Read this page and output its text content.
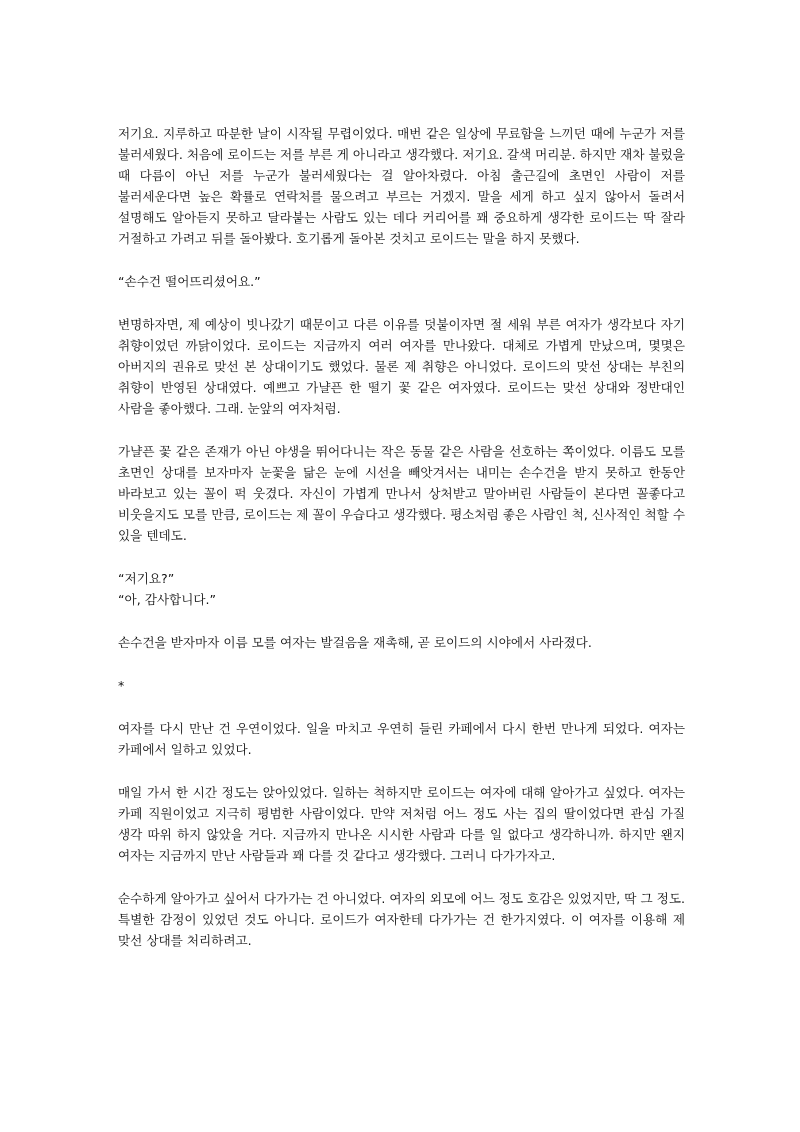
저기요. 지루하고 따분한 날이 시작될 무렵이었다. 매번 같은 일상에 무료함을 느끼던 때에 누군가 저를 불러세웠다. 처음에 로이드는 저를 부른 게 아니라고 생각했다. 저기요. 갈색 머리분. 하지만 재차 불렀을 때 다름이 아닌 저를 누군가 불러세웠다는 걸 알아차렸다. 아침 출근길에 초면인 사람이 저를 불러세운다면 높은 확률로 연락처를 물으려고 부르는 거겠지. 말을 세게 하고 싶지 않아서 돌려서 설명해도 알아듣지 못하고 달라붙는 사람도 있는 데다 커리어를 꽤 중요하게 생각한 로이드는 딱 잘라 거절하고 가려고 뒤를 돌아봤다. 호기롭게 돌아본 것치고 로이드는 말을 하지 못했다.

“손수건 떨어뜨리셨어요.”

변명하자면, 제 예상이 빗나갔기 때문이고 다른 이유를 덧붙이자면 절 세워 부른 여자가 생각보다 자기 취향이었던 까닭이었다. 로이드는 지금까지 여러 여자를 만나왔다. 대체로 가볍게 만났으며, 몇몇은 아버지의 권유로 맞선 본 상대이기도 했었다. 물론 제 취향은 아니었다. 로이드의 맞선 상대는 부친의 취향이 반영된 상대였다. 예쁘고 가냘픈 한 떨기 꽃 같은 여자였다. 로이드는 맞선 상대와 정반대인 사람을 좋아했다. 그래. 눈앞의 여자처럼.

가냘픈 꽃 같은 존재가 아닌 야생을 뛰어다니는 작은 동물 같은 사람을 선호하는 쪽이었다. 이름도 모를 초면인 상대를 보자마자 눈꽃을 닮은 눈에 시선을 빼앗겨서는 내미는 손수건을 받지 못하고 한동안 바라보고 있는 꼴이 퍽 웃겼다. 자신이 가볍게 만나서 상처받고 말아버린 사람들이 본다면 꼴좋다고 비웃을지도 모를 만큼, 로이드는 제 꼴이 우습다고 생각했다. 평소처럼 좋은 사람인 척, 신사적인 척할 수 있을 텐데도.

“저기요?”
“아, 감사합니다.”

손수건을 받자마자 이름 모를 여자는 발걸음을 재촉해, 곧 로이드의 시야에서 사라졌다.

*

여자를 다시 만난 건 우연이었다. 일을 마치고 우연히 들린 카페에서 다시 한번 만나게 되었다. 여자는 카페에서 일하고 있었다.

매일 가서 한 시간 정도는 앉아있었다. 일하는 척하지만 로이드는 여자에 대해 알아가고 싶었다. 여자는 카페 직원이었고 지극히 평범한 사람이었다. 만약 저처럼 어느 정도 사는 집의 딸이었다면 관심 가질 생각 따위 하지 않았을 거다. 지금까지 만나온 시시한 사람과 다를 일 없다고 생각하니까. 하지만 왠지 여자는 지금까지 만난 사람들과 꽤 다를 것 같다고 생각했다. 그러니 다가가자고.

순수하게 알아가고 싶어서 다가가는 건 아니었다. 여자의 외모에 어느 정도 호감은 있었지만, 딱 그 정도. 특별한 감정이 있었던 것도 아니다. 로이드가 여자한테 다가가는 건 한가지였다. 이 여자를 이용해 제 맞선 상대를 처리하려고.
